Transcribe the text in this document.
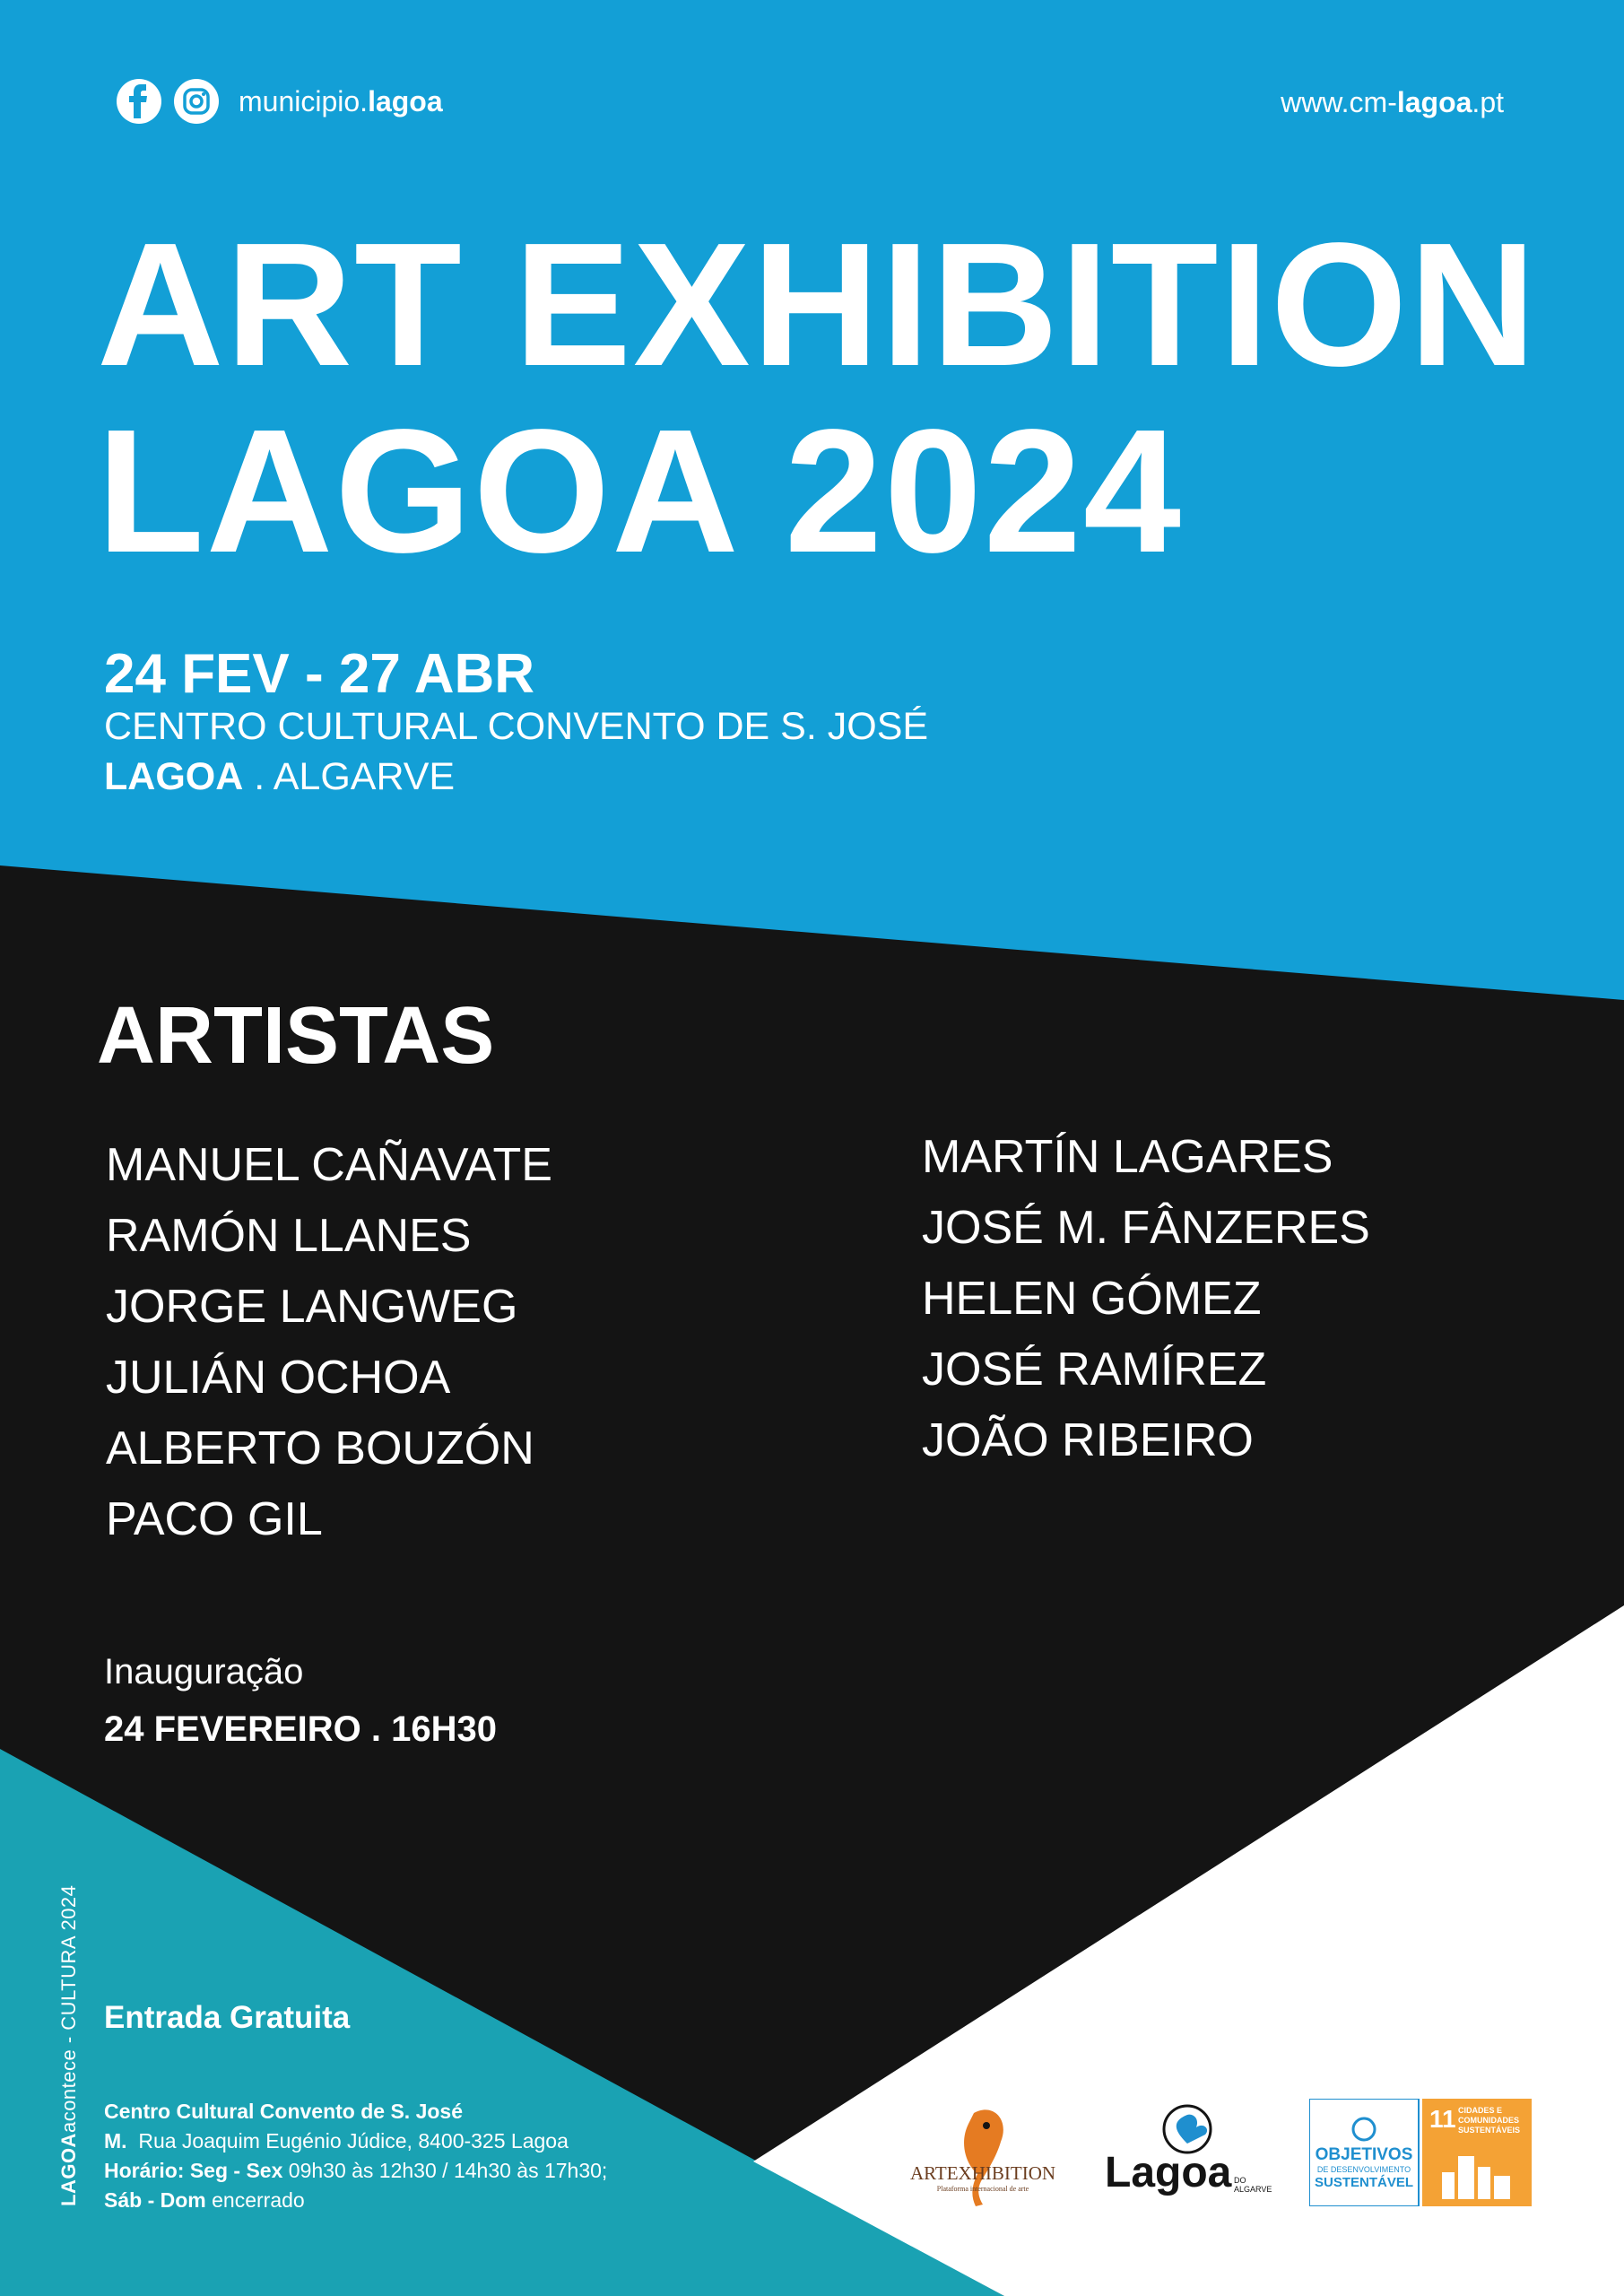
municipio.lagoa	www.cm-lagoa.pt
ART EXHIBITION
LAGOA 2024
24 FEV - 27 ABR
CENTRO CULTURAL CONVENTO DE S. JOSÉ
LAGOA . ALGARVE
ARTISTAS
MANUEL CAÑAVATE
RAMÓN LLANES
JORGE LANGWEG
JULIÁN OCHOA
ALBERTO BOUZÓN
PACO GIL
MARTÍN LAGARES
JOSÉ M. FÂNZERES
HELEN GÓMEZ
JOSÉ RAMÍREZ
JOÃO RIBEIRO
Inauguração
24 FEVEREIRO . 16H30
LAGOAacontece - CULTURA 2024 Entrada Gratuita
Centro Cultural Convento de S. José
M. Rua Joaquim Eugénio Júdice, 8400-325 Lagoa
Horário: Seg - Sex 09h30 às 12h30 / 14h30 às 17h30;
Sáb - Dom encerrado
ARTEXHIBITION
Plataforma internacional de arte Lagoa DO
ALGARVE
OBJETIVOS
DE DESENVOLVIMENTO
SUSTENTÁVEL
11 CIDADES E
COMUNIDADES
SUSTENTÁVEIS
